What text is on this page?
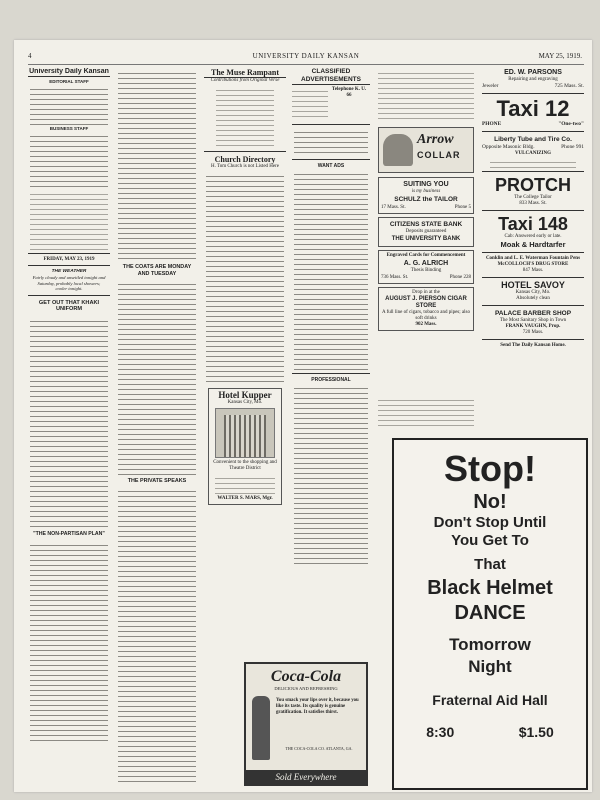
4	UNIVERSITY DAILY KANSAN	MAY 25, 1919.
University Daily Kansan
EDITORIAL STAFF
BUSINESS STAFF
FRIDAY, MAY 23, 1919
THE WEATHER
Fairly cloudy and unsettled tonight and Saturday, probably local showers; cooler tonight.
GET OUT THAT KHAKI UNIFORM
"THE NON-PARTISAN PLAN"
THE COATS ARE MONDAY AND TUESDAY
THE PRIVATE SPEAKS
The Muse Rampant
Contributions from Original Verse
Church Directory
H. Tom Church is not Listed Here
Hotel Kupper
Kansas City, Mo.
Convenient to the shopping and Theatre District
WALTER S. MARS, Mgr.
Coca-Cola
DELICIOUS AND REFRESHING
You smack your lips over it, because you like its taste. Its quality is genuine gratification. It satisfies thirst.
THE COCA-COLA CO. ATLANTA, GA.
Sold Everywhere
CLASSIFIED ADVERTISEMENTS
Telephone K. U. 66
WANT ADS
PROFESSIONAL
Arrow
COLLAR
SUITING YOU
is my business
SCHULZ the TAILOR
17 Mass. St.	Phone 5
CITIZENS STATE BANK
Deposits guaranteed
THE UNIVERSITY BANK
Engraved Cards for Commencement
A. G. ALRICH
Thesis Binding
736 Mass. St.	Phone 228
Drop in at the
AUGUST J. PIERSON CIGAR STORE
A full line of cigars, tobacco and pipes; also soft drinks
902 Mass.
ED. W. PARSONS
Repairing and engraving
Jeweler	725 Mass. St.
Taxi 12
PHONE	"One-two"
Liberty Tube and Tire Co.
Opposite Masonic Bldg.	Phone 991
VULCANIZING
PROTCH
The College Tailor
833 Mass. St.
Taxi 148
Cab: Answered early or late.
Moak & Hardtarfer
Conklin and L. E. Waterman Fountain Pens
McCOLLOCH'S DRUG STORE
847 Mass.
HOTEL SAVOY
Kansas City, Mo.
Absolutely clean
PALACE BARBER SHOP
The Most Sanitary Shop in Town
FRANK VAUGHN, Prop.
720 Mass.
Send The Daily Kansan Home.
Stop!
No!
Don't Stop Until
You Get To
That
Black Helmet
DANCE
Tomorrow
Night
Fraternal Aid Hall
8:30	$1.50
